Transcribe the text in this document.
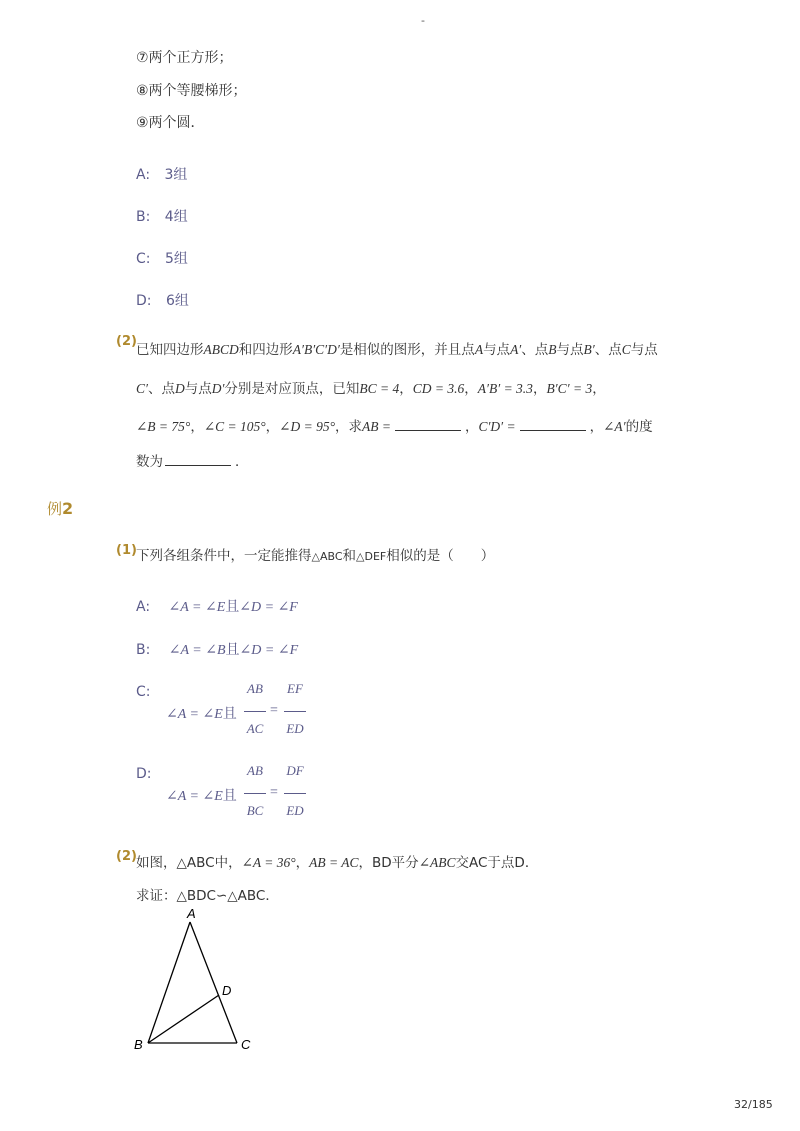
-
⑦两个正方形；
⑧两个等腰梯形；
⑨两个圆．
A: 3组
B: 4组
C: 5组
D: 6组
(2)
已知四边形ABCD和四边形A′B′C′D′是相似的图形，并且点A与点A′、点B与点B′、点C与点
C′、点D与点D′分别是对应顶点，已知BC = 4，CD = 3.6，A′B′ = 3.3，B′C′ = 3，
∠B = 75°，∠C = 105°，∠D = 95°，求AB =	，C′D′ =	，∠A′的度
数为	．
例2
(1) 下列各组条件中，一定能推得△ABC和△DEF相似的是（　　）
A: ∠A = ∠E且∠D = ∠F
B: ∠A = ∠B且∠D = ∠F
C:
∠A = ∠E且
AB
AC
=
EF
ED
D:
∠A = ∠E且
AB
BC
=
DF
ED
(2) 如图，△ABC中，∠A = 36°，AB = AC，BD平分∠ABC交AC于点D．
求证：△BDC∽△ABC．
A
D
B	C
32/185
